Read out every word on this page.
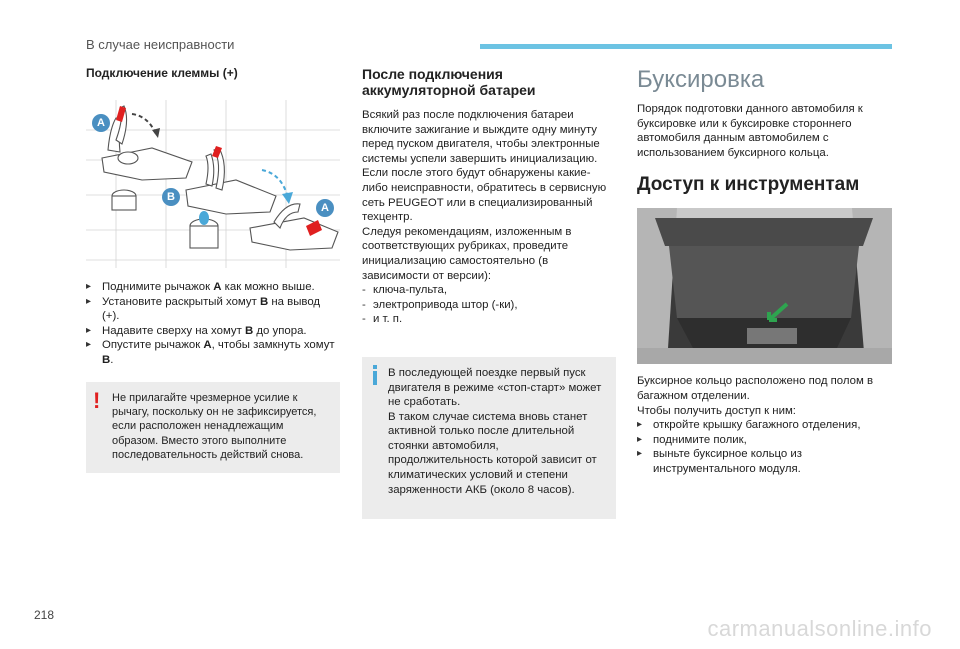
В случае неисправности
Подключение клеммы (+)
A
B
A
▸ Поднимите рычажок A как можно выше.
▸ Установите раскрытый хомут B на вывод (+).
▸ Надавите сверху на хомут B до упора.
▸ Опустите рычажок A, чтобы замкнуть хомут B.
! Не прилагайте чрезмерное усилие к рычагу, поскольку он не зафиксируется, если расположен ненадлежащим образом. Вместо этого выполните последовательность действий снова.
После подключения аккумуляторной батареи
Всякий раз после подключения батареи включите зажигание и выждите одну минуту перед пуском двигателя, чтобы электронные системы успели завершить инициализацию. Если после этого будут обнаружены какие-либо неисправности, обратитесь в сервисную сеть PEUGEOT или в специализированный техцентр.
Следуя рекомендациям, изложенным в соответствующих рубриках, проведите инициализацию самостоятельно (в зависимости от версии):
- ключа-пульта,
- электропривода штор (-ки),
- и т. п.
В последующей поездке первый пуск двигателя в режиме «стоп-старт» может не сработать.
В таком случае система вновь станет активной только после длительной стоянки автомобиля, продолжительность которой зависит от климатических условий и степени заряженности АКБ (около 8 часов).
Буксировка
Порядок подготовки данного автомобиля к буксировке или к буксировке стороннего автомобиля данным автомобилем с использованием буксирного кольца.
Доступ к инструментам
Буксирное кольцо расположено под полом в багажном отделении.
Чтобы получить доступ к ним:
▸ откройте крышку багажного отделения,
▸ поднимите полик,
▸ выньте буксирное кольцо из инструментального модуля.
218
carmanualsonline.info
